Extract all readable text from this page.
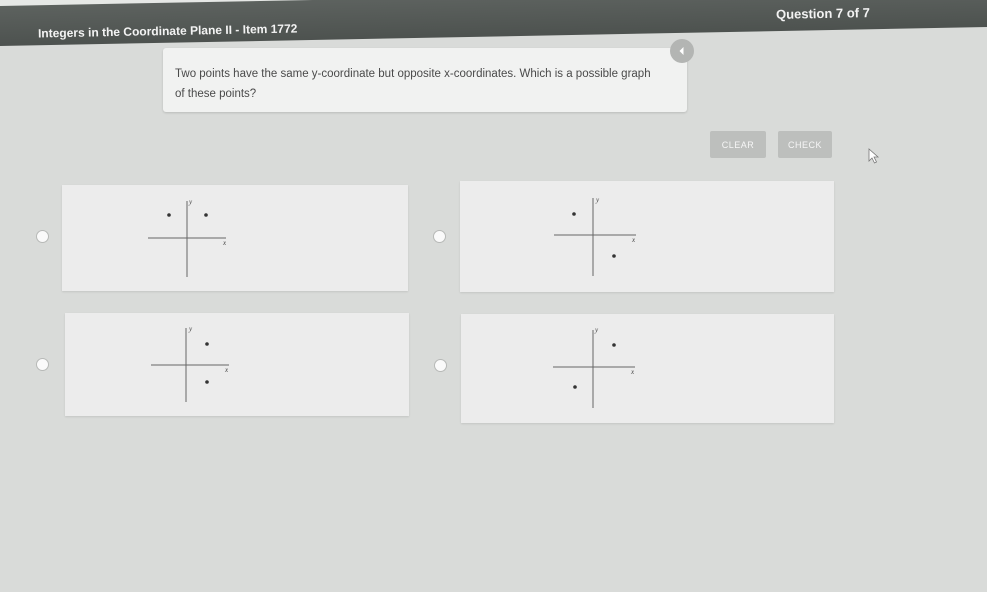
Integers in the Coordinate Plane II - Item 1772
Question 7 of 7
Two points have the same y-coordinate but opposite x-coordinates. Which is a possible graph of these points?
CLEAR	CHECK
y
x
y
x
y
x
y
x
